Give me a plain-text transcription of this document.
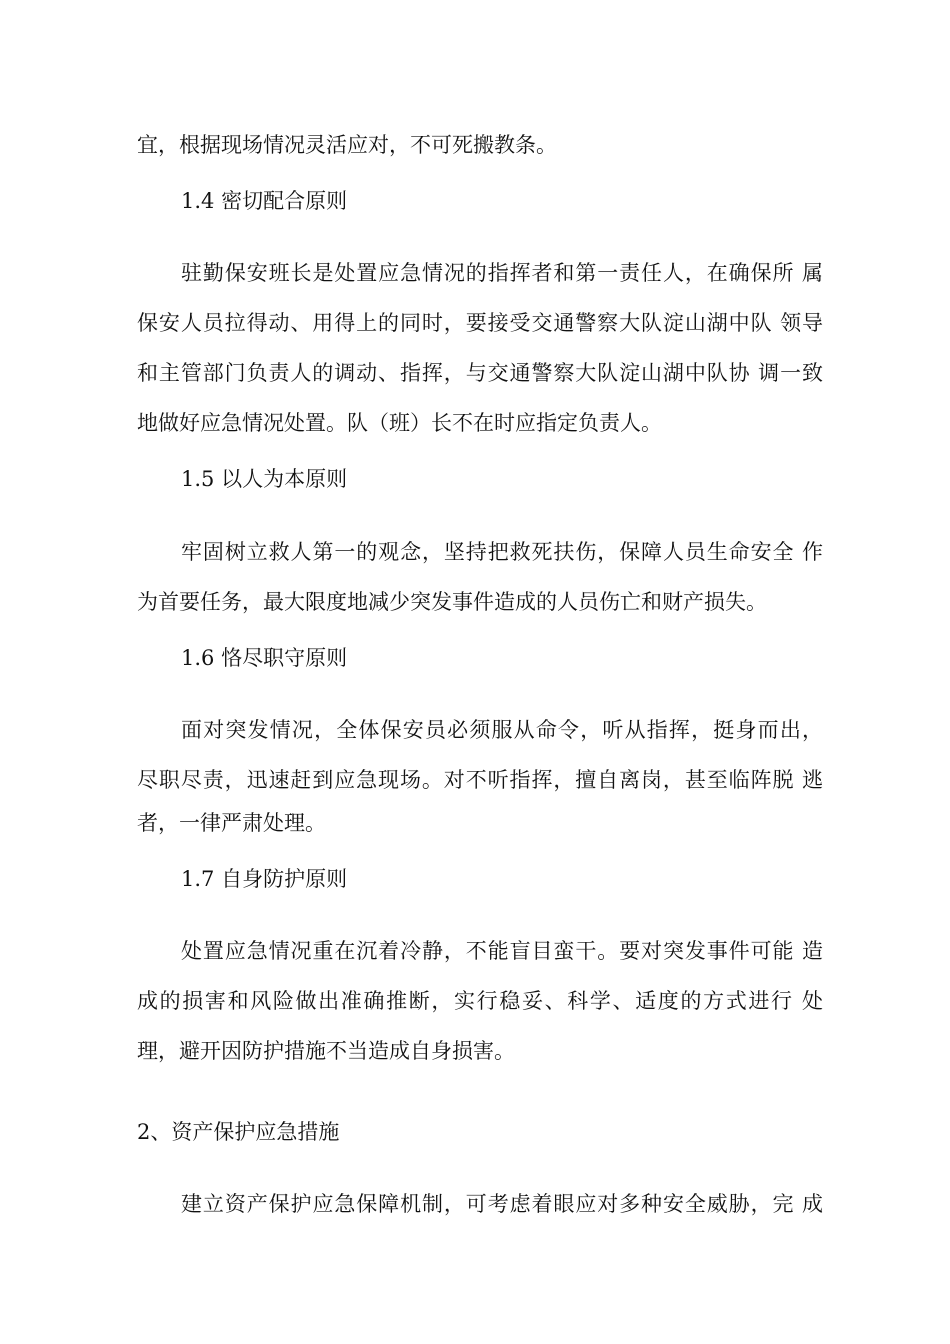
宜，根据现场情况灵活应对，不可死搬教条。
1.4 密切配合原则
驻勤保安班长是处置应急情况的指挥者和第一责任人，在确保所 属
保安人员拉得动、用得上的同时，要接受交通警察大队淀山湖中队 领导
和主管部门负责人的调动、指挥，与交通警察大队淀山湖中队协 调一致
地做好应急情况处置。队（班）长不在时应指定负责人。
1.5 以人为本原则
牢固树立救人第一的观念，坚持把救死扶伤，保障人员生命安全 作
为首要任务，最大限度地减少突发事件造成的人员伤亡和财产损失。
1.6 恪尽职守原则
面对突发情况，全体保安员必须服从命令，听从指挥，挺身而出，
尽职尽责，迅速赶到应急现场。对不听指挥，擅自离岗，甚至临阵脱 逃
者，一律严肃处理。
1.7 自身防护原则
处置应急情况重在沉着冷静，不能盲目蛮干。要对突发事件可能 造
成的损害和风险做出准确推断，实行稳妥、科学、适度的方式进行 处
理，避开因防护措施不当造成自身损害。
2、资产保护应急措施
建立资产保护应急保障机制，可考虑着眼应对多种安全威胁，完 成
